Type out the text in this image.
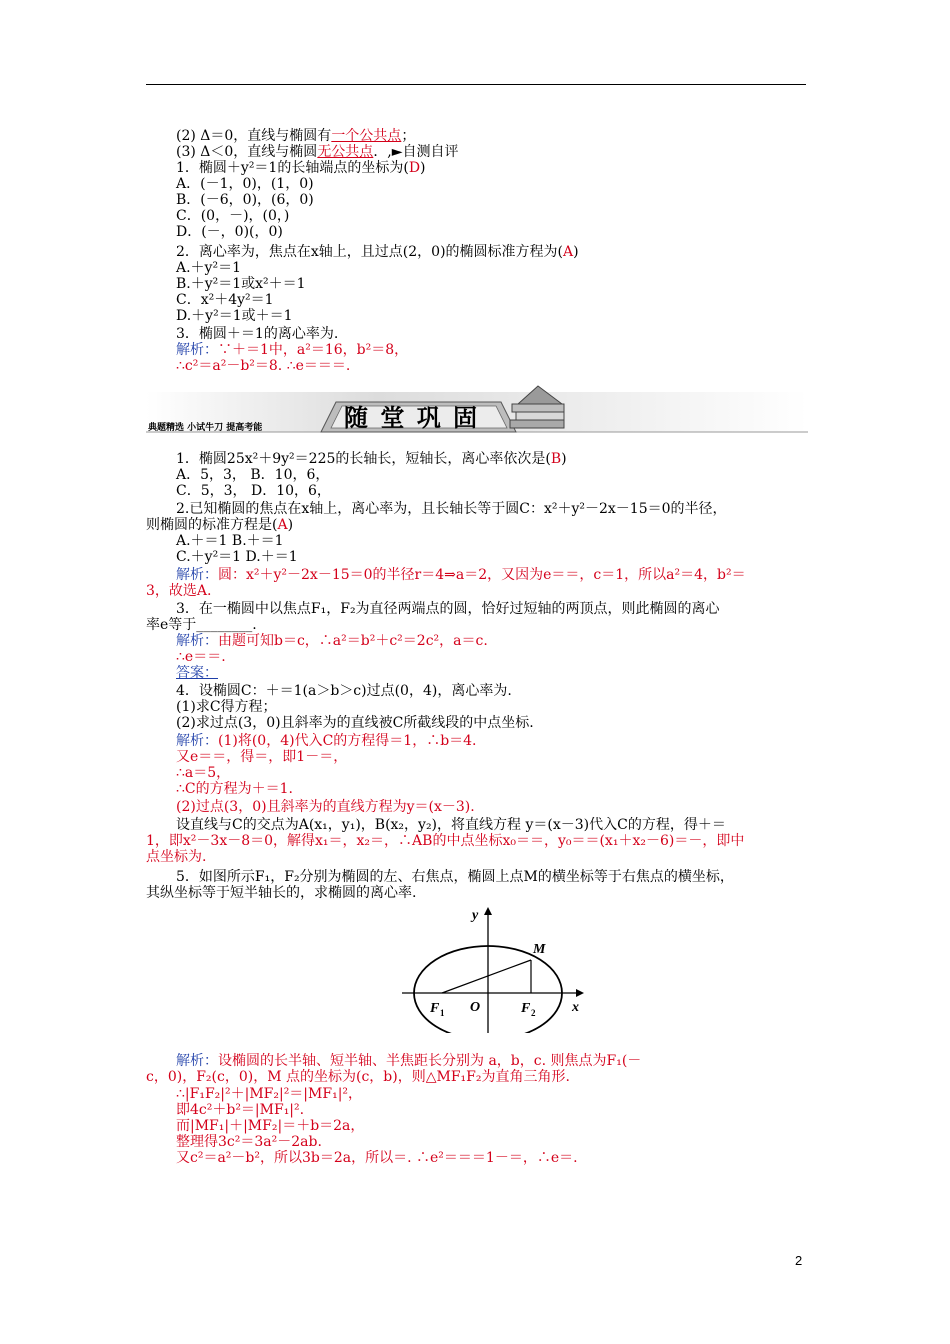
(2) Δ＝0，直线与椭圆有一个公共点；
(3) Δ＜0，直线与椭圆无公共点．,►自测自评
1．椭圆＋y²＝1的长轴端点的坐标为(D)
A．(－1，0)，(1，0)
B．(－6，0)，(6，0)
C．(0，－)，(0，)
D．(－，0)(，0)
2．离心率为，焦点在x轴上，且过点(2，0)的椭圆标准方程为(A)
A.＋y²＝1
B.＋y²＝1或x²＋＝1
C．x²＋4y²＝1
D.＋y²＝1或＋＝1
3．椭圆＋＝1的离心率为.
解析：∵＋＝1中，a²＝16，b²＝8，
∴c²＝a²－b²＝8. ∴e＝＝＝.
典题精选 小试牛刀 提高考能	随 堂 巩 固
1．椭圆25x²＋9y²＝225的长轴长，短轴长，离心率依次是(B)
A．5，3， B．10，6，
C．5，3， D．10，6，
2.已知椭圆的焦点在x轴上，离心率为，且长轴长等于圆C：x²＋y²－2x－15＝0的半径，
则椭圆的标准方程是(A)
A.＋＝1 B.＋＝1
C.＋y²＝1 D.＋＝1
解析：圆：x²＋y²－2x－15＝0的半径r＝4⇒a＝2，又因为e＝＝，c＝1，所以a²＝4，b²＝
3，故选A.
3．在一椭圆中以焦点F₁，F₂为直径两端点的圆，恰好过短轴的两顶点，则此椭圆的离心
率e等于________.
解析：由题可知b＝c，∴a²＝b²＋c²＝2c²，a＝c.
∴e＝＝.
答案：
4．设椭圆C：＋＝1(a＞b＞c)过点(0，4)，离心率为.
(1)求C得方程；
(2)求过点(3，0)且斜率为的直线被C所截线段的中点坐标.
解析：(1)将(0，4)代入C的方程得＝1，∴b＝4.
又e＝＝，得＝，即1－＝，
∴a＝5，
∴C的方程为＋＝1.
(2)过点(3，0)且斜率为的直线方程为y＝(x－3).
设直线与C的交点为A(x₁，y₁)，B(x₂，y₂)，将直线方程 y＝(x－3)代入C的方程，得＋＝
1，即x²－3x－8＝0，解得x₁＝，x₂＝，∴AB的中点坐标x₀＝＝，y₀＝＝(x₁＋x₂－6)＝－，即中
点坐标为.
5．如图所示F₁，F₂分别为椭圆的左、右焦点，椭圆上点M的横坐标等于右焦点的横坐标，
其纵坐标等于短半轴长的，求椭圆的离心率.
y
x
M
O
F 1	F 2
解析：设椭圆的长半轴、短半轴、半焦距长分别为 a，b，c. 则焦点为F₁(－
c，0)，F₂(c，0)，M 点的坐标为(c，b)，则△MF₁F₂为直角三角形.
∴|F₁F₂|²＋|MF₂|²＝|MF₁|²，
即4c²＋b²＝|MF₁|².
而|MF₁|＋|MF₂|＝＋b＝2a，
整理得3c²＝3a²－2ab.
又c²＝a²－b²，所以3b＝2a，所以＝. ∴e²＝＝＝1－＝，∴e＝.
2
